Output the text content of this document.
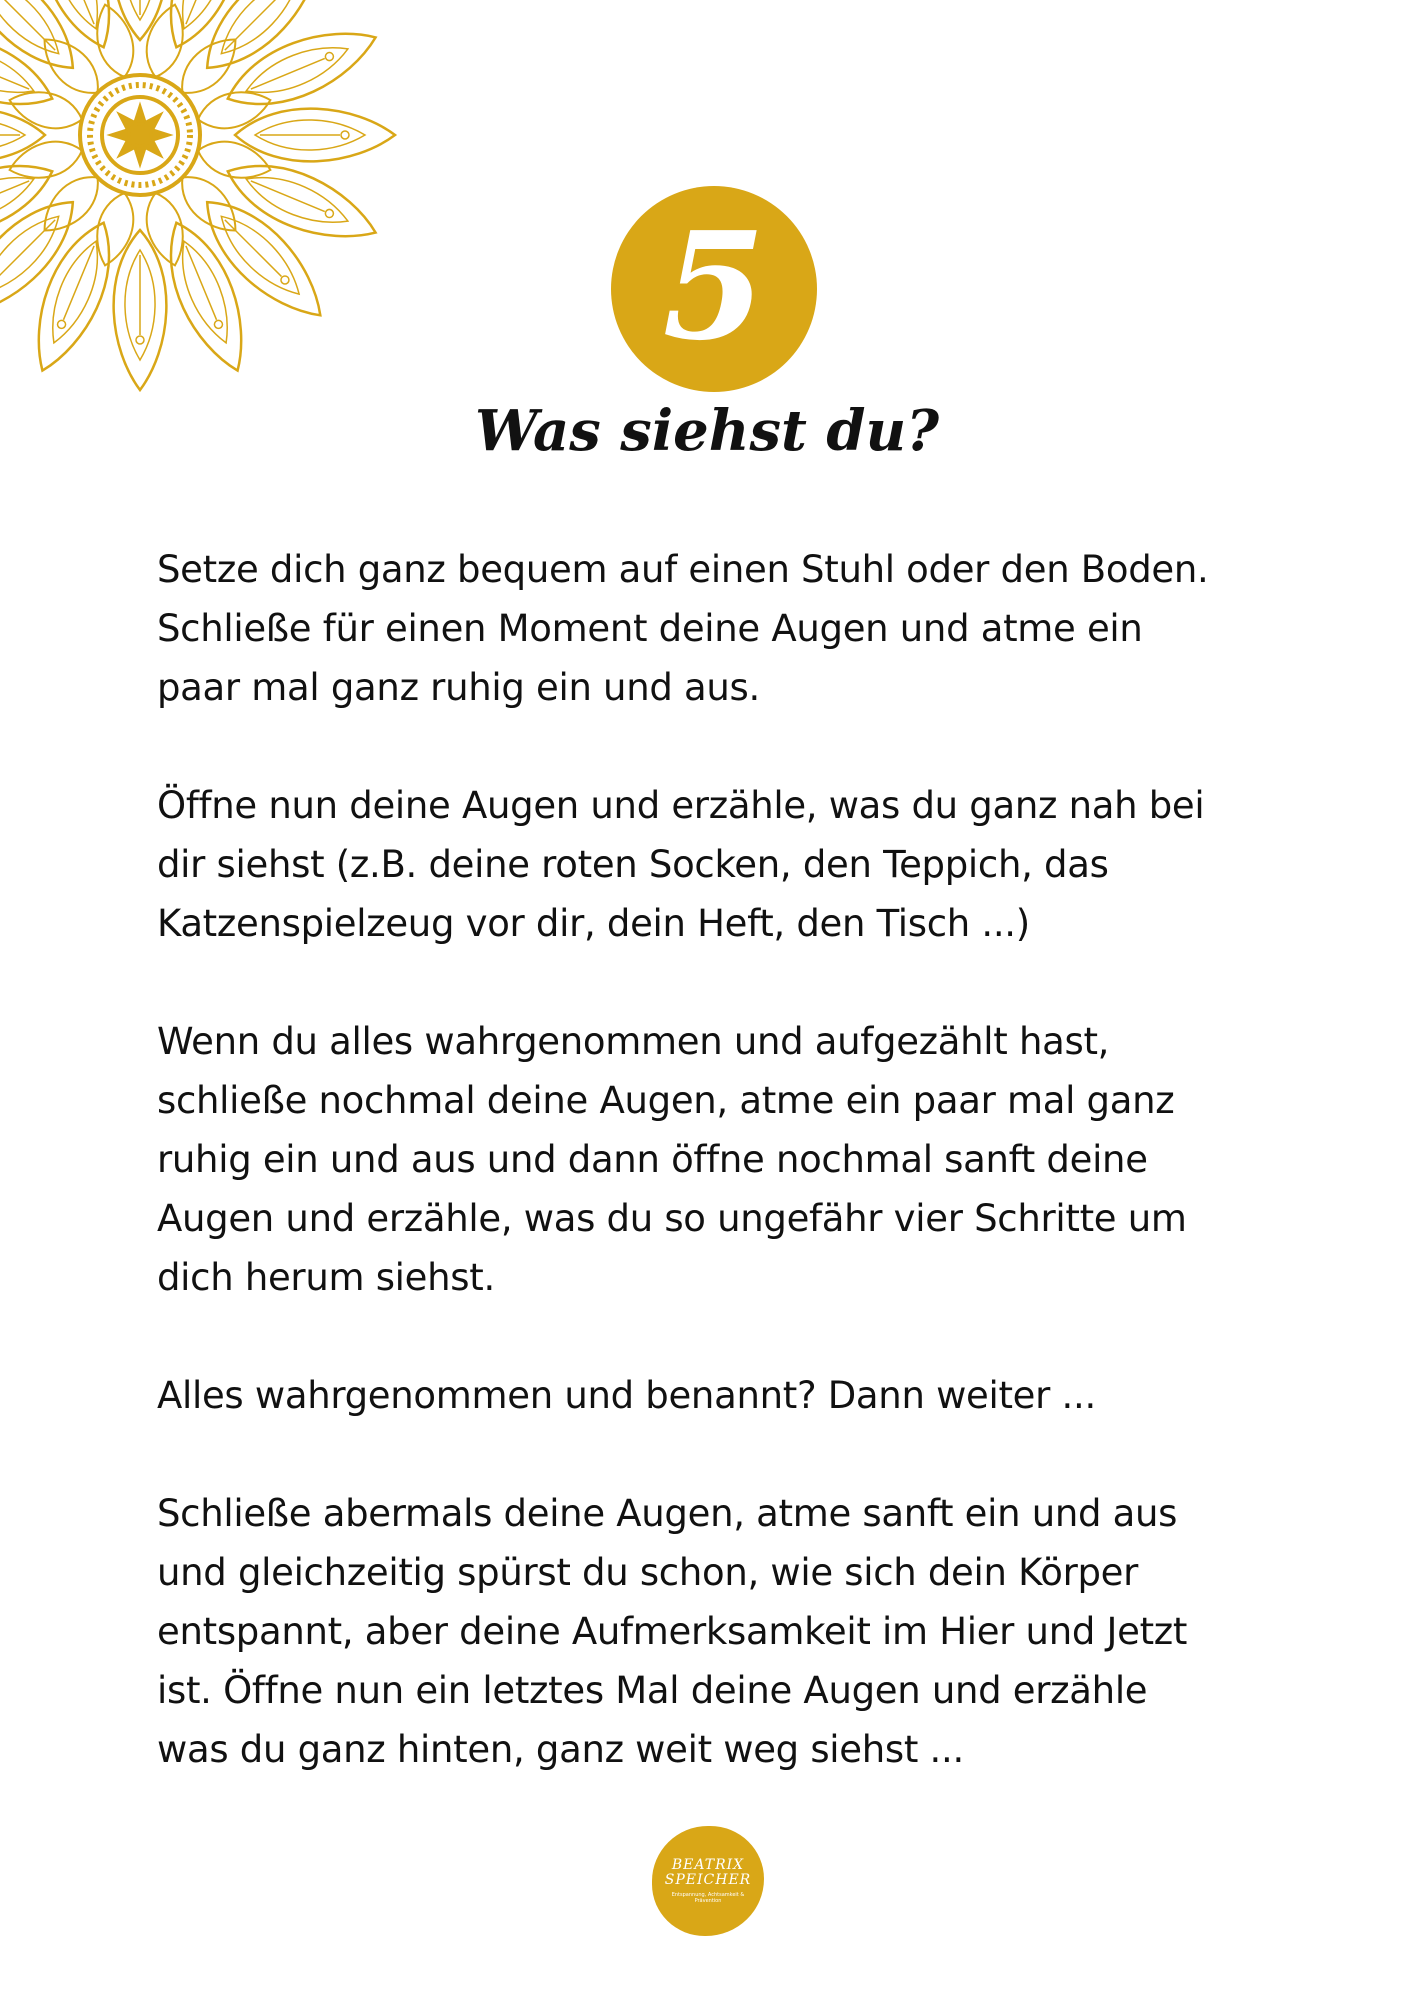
5
Was siehst du?

Setze dich ganz bequem auf einen Stuhl oder den Boden.
Schließe für einen Moment deine Augen und atme ein
paar mal ganz ruhig ein und aus.

Öffne nun deine Augen und erzähle, was du ganz nah bei
dir siehst (z.B. deine roten Socken, den Teppich, das
Katzenspielzeug vor dir, dein Heft, den Tisch ...)

Wenn du alles wahrgenommen und aufgezählt hast,
schließe nochmal deine Augen, atme ein paar mal ganz
ruhig ein und aus und dann öffne nochmal sanft deine
Augen und erzähle, was du so ungefähr vier Schritte um
dich herum siehst.

Alles wahrgenommen und benannt? Dann weiter ...

Schließe abermals deine Augen, atme sanft ein und aus
und gleichzeitig spürst du schon, wie sich dein Körper
entspannt, aber deine Aufmerksamkeit im Hier und Jetzt
ist. Öffne nun ein letztes Mal deine Augen und erzähle
was du ganz hinten, ganz weit weg siehst ...

BEATRIX
SPEICHER
Entspannung, Achtsamkeit & Prävention
